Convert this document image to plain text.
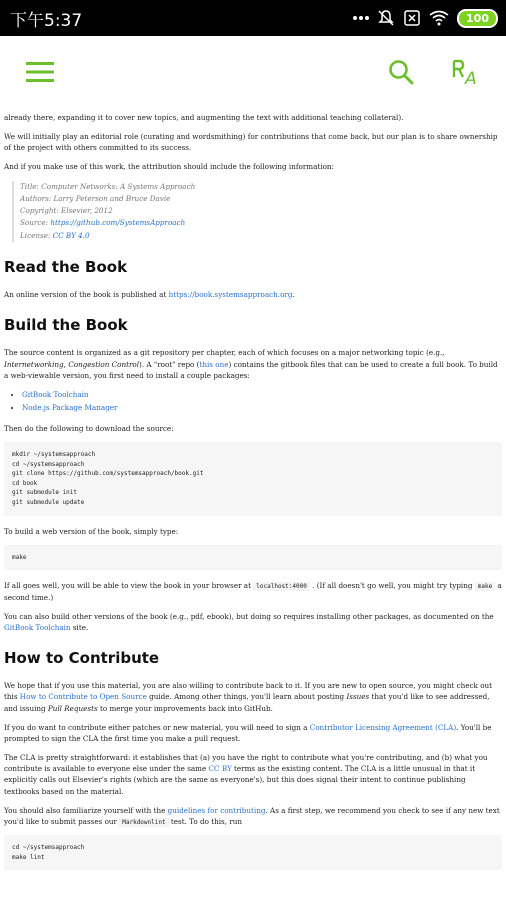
下午5:37	100
A

already there, expanding it to cover new topics, and augmenting the text with additional teaching collateral).

We will initially play an editorial role (curating and wordsmithing) for contributions that come back, but our plan is to share ownership of the project with others committed to its success.

And if you make use of this work, the attribution should include the following information:

Title: Computer Networks: A Systems Approach
Authors: Larry Peterson and Bruce Davie
Copyright: Elsevier, 2012
Source: https://github.com/SystemsApproach
License: CC BY 4.0
Read the Book

An online version of the book is published at https://book.systemsapproach.org.

Build the Book

The source content is organized as a git repository per chapter, each of which focuses on a major networking topic (e.g., Internetworking, Congestion Control). A "root" repo (this one) contains the gitbook files that can be used to create a full book. To build a web-viewable version, you first need to install a couple packages:

• GitBook Toolchain
• Node.js Package Manager

Then do the following to download the source:

mkdir ~/systemsapproach
cd ~/systemsapproach
git clone https://github.com/systemsapproach/book.git
cd book
git submodule init
git submodule update

To build a web version of the book, simply type:

make

If all goes well, you will be able to view the book in your browser at localhost:4000 . (If all doesn't go well, you might try typing make a second time.)

You can also build other versions of the book (e.g., pdf, ebook), but doing so requires installing other packages, as documented on the GitBook Toolchain site.

How to Contribute

We hope that if you use this material, you are also willing to contribute back to it. If you are new to open source, you might check out this How to Contribute to Open Source guide. Among other things, you'll learn about posting Issues that you'd like to see addressed, and issuing Pull Requests to merge your improvements back into GitHub.

If you do want to contribute either patches or new material, you will need to sign a Contributor Licensing Agreement (CLA). You'll be prompted to sign the CLA the first time you make a pull request.

The CLA is pretty straightforward: it establishes that (a) you have the right to contribute what you're contributing, and (b) what you contribute is available to everyone else under the same CC BY terms as the existing content. The CLA is a little unusual in that it explicitly calls out Elsevier's rights (which are the same as everyone's), but this does signal their intent to continue publishing textbooks based on the material.

You should also familiarize yourself with the guidelines for contributing. As a first step, we recommend you check to see if any new text you'd like to submit passes our Markdownlint test. To do this, run

cd ~/systemsapproach
make lint
